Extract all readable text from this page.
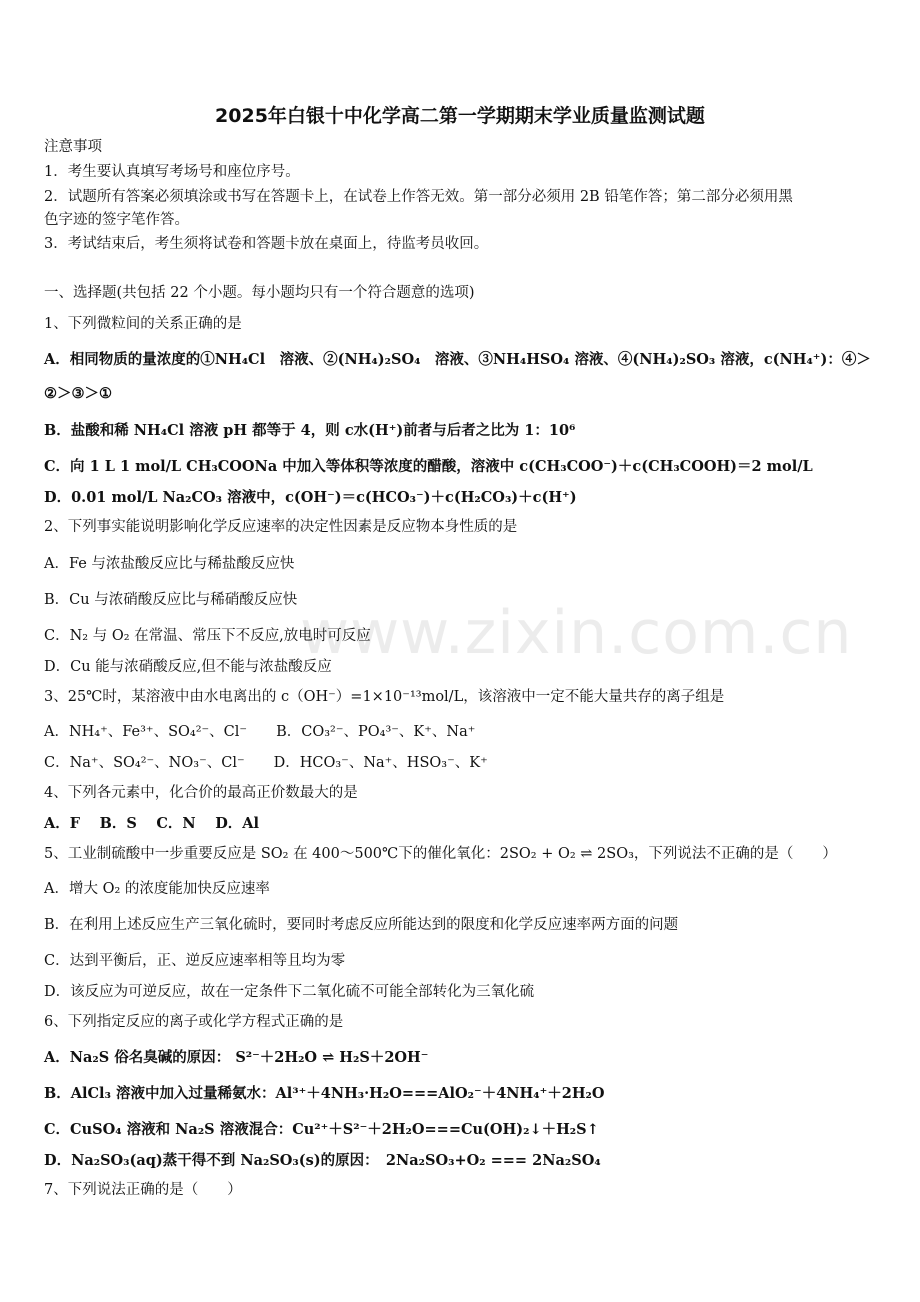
www.zixin.com.cn
2025年白银十中化学高二第一学期期末学业质量监测试题
注意事项
1．考生要认真填写考场号和座位序号。
2．试题所有答案必须填涂或书写在答题卡上，在试卷上作答无效。第一部分必须用 2B 铅笔作答；第二部分必须用黑
色字迹的签字笔作答。
3．考试结束后，考生须将试卷和答题卡放在桌面上，待监考员收回。
一、选择题(共包括 22 个小题。每小题均只有一个符合题意的选项)
1、下列微粒间的关系正确的是
A．相同物质的量浓度的①NH₄Cl　溶液、②(NH₄)₂SO₄　溶液、③NH₄HSO₄ 溶液、④(NH₄)₂SO₃ 溶液，c(NH₄⁺)：④＞
②＞③＞①
B．盐酸和稀 NH₄Cl 溶液 pH 都等于 4，则 c水(H⁺)前者与后者之比为 1：10⁶
C．向 1 L 1 mol/L CH₃COONa 中加入等体积等浓度的醋酸，溶液中 c(CH₃COO⁻)＋c(CH₃COOH)＝2 mol/L
D．0.01 mol/L Na₂CO₃ 溶液中，c(OH⁻)＝c(HCO₃⁻)＋c(H₂CO₃)＋c(H⁺)
2、下列事实能说明影响化学反应速率的决定性因素是反应物本身性质的是
A．Fe 与浓盐酸反应比与稀盐酸反应快
B．Cu 与浓硝酸反应比与稀硝酸反应快
C．N₂ 与 O₂ 在常温、常压下不反应,放电时可反应
D．Cu 能与浓硝酸反应,但不能与浓盐酸反应
3、25℃时，某溶液中由水电离出的 c（OH⁻）=1×10⁻¹³mol/L，该溶液中一定不能大量共存的离子组是
A．NH₄⁺、Fe³⁺、SO₄²⁻、Cl⁻　　B．CO₃²⁻、PO₄³⁻、K⁺、Na⁺
C．Na⁺、SO₄²⁻、NO₃⁻、Cl⁻　　D．HCO₃⁻、Na⁺、HSO₃⁻、K⁺
4、下列各元素中，化合价的最高正价数最大的是
A．F　 B．S　 C．N　 D．Al
5、工业制硫酸中一步重要反应是 SO₂ 在 400～500℃下的催化氧化：2SO₂ + O₂ ⇌ 2SO₃，下列说法不正确的是（　　）
A．增大 O₂ 的浓度能加快反应速率
B．在利用上述反应生产三氧化硫时，要同时考虑反应所能达到的限度和化学反应速率两方面的问题
C．达到平衡后，正、逆反应速率相等且均为零
D．该反应为可逆反应，故在一定条件下二氧化硫不可能全部转化为三氧化硫
6、下列指定反应的离子或化学方程式正确的是
A．Na₂S 俗名臭碱的原因： S²⁻＋2H₂O ⇌ H₂S＋2OH⁻
B．AlCl₃ 溶液中加入过量稀氨水：Al³⁺＋4NH₃·H₂O===AlO₂⁻＋4NH₄⁺＋2H₂O
C．CuSO₄ 溶液和 Na₂S 溶液混合：Cu²⁺＋S²⁻＋2H₂O===Cu(OH)₂↓＋H₂S↑
D．Na₂SO₃(aq)蒸干得不到 Na₂SO₃(s)的原因：　2Na₂SO₃+O₂ === 2Na₂SO₄
7、下列说法正确的是（　　）
